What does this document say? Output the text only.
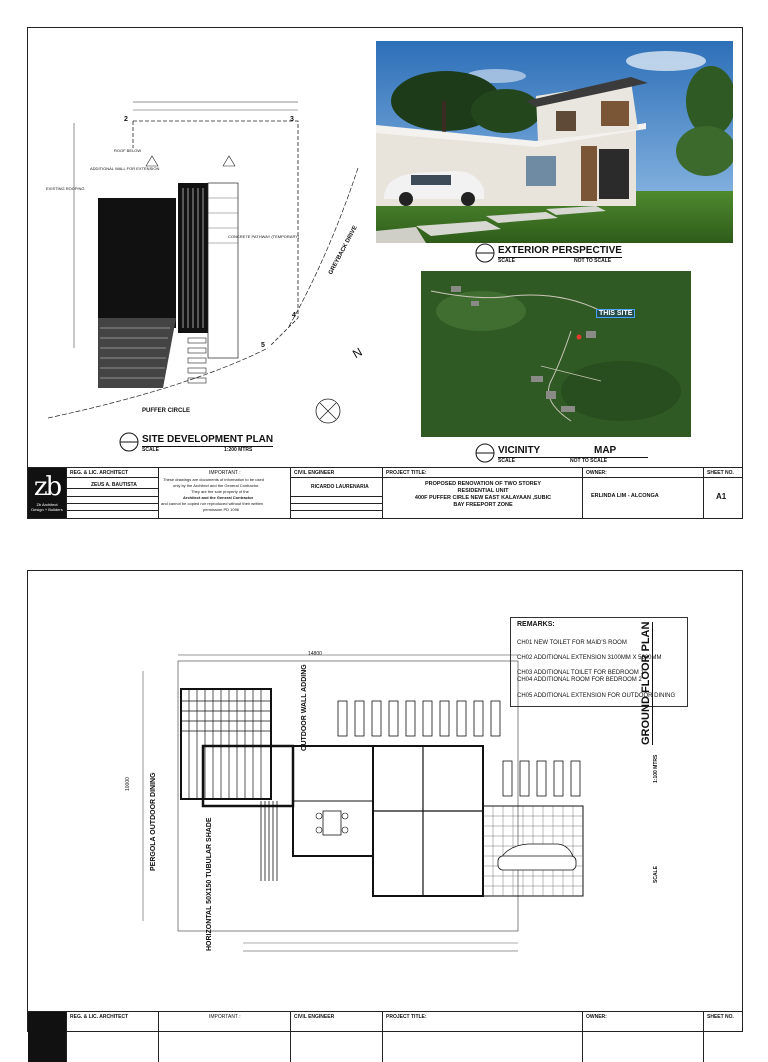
2	3
4
5
ADDITIONAL WALL FOR EXTENSION
EXISTING ROOFING
CONCRETE PATHWAY (TEMPORARY)
ROOF BELOW
GREYBACK DRIVE
N
PUFFER CIRCLE
SITE DEVELOPMENT PLAN
SCALE	1:200 MTRS
EXTERIOR PERSPECTIVE
SCALE	NOT TO SCALE
THIS SITE
VICINITY	MAP
SCALE	NOT TO SCALE
zb
Zb Architect
Design + Builders
REG. & LIC. ARCHITECT
ZEUS A. BAUTISTA
IMPORTANT :
These drawings are documents of information to be used
only by the Architect and the General Contractor.
They are the sole property of the
Architect and the General Contractor
and cannot be copied nor reproduced without their written
permission PD 1096
CIVIL ENGINEER
RICARDO LAURENARIA
PROJECT TITLE:
PROPOSED RENOVATION OF TWO STOREY
RESIDENTIAL UNIT
400F PUFFER CIRLE NEW EAST KALAYAAN ,SUBIC
BAY FREEPORT ZONE
OWNER:
ERLINDA LIM - ALCONGA
SHEET NO.
A1
REMARKS:
CH01 NEW TOILET FOR MAID'S ROOM
CH02 ADDITIONAL EXTENSION 3100MM X 5000MM
CH03 ADDITIONAL TOILET FOR BEDROOM 1
CH04 ADDITIONAL ROOM FOR BEDROOM 2
CH05 ADDITIONAL EXTENSION FOR OUTDOOR DINING
14800
10000	PERGOLA OUTDOOR DINING	HORIZONTAL 50X150 TUBULAR SHADE
OUTDOOR WALL ADDING	GROUND FLOOR PLAN
1:100 MTRS
SCALE
REG. & LIC. ARCHITECT	IMPORTANT :	CIVIL ENGINEER	PROJECT TITLE:	OWNER:	SHEET NO.
